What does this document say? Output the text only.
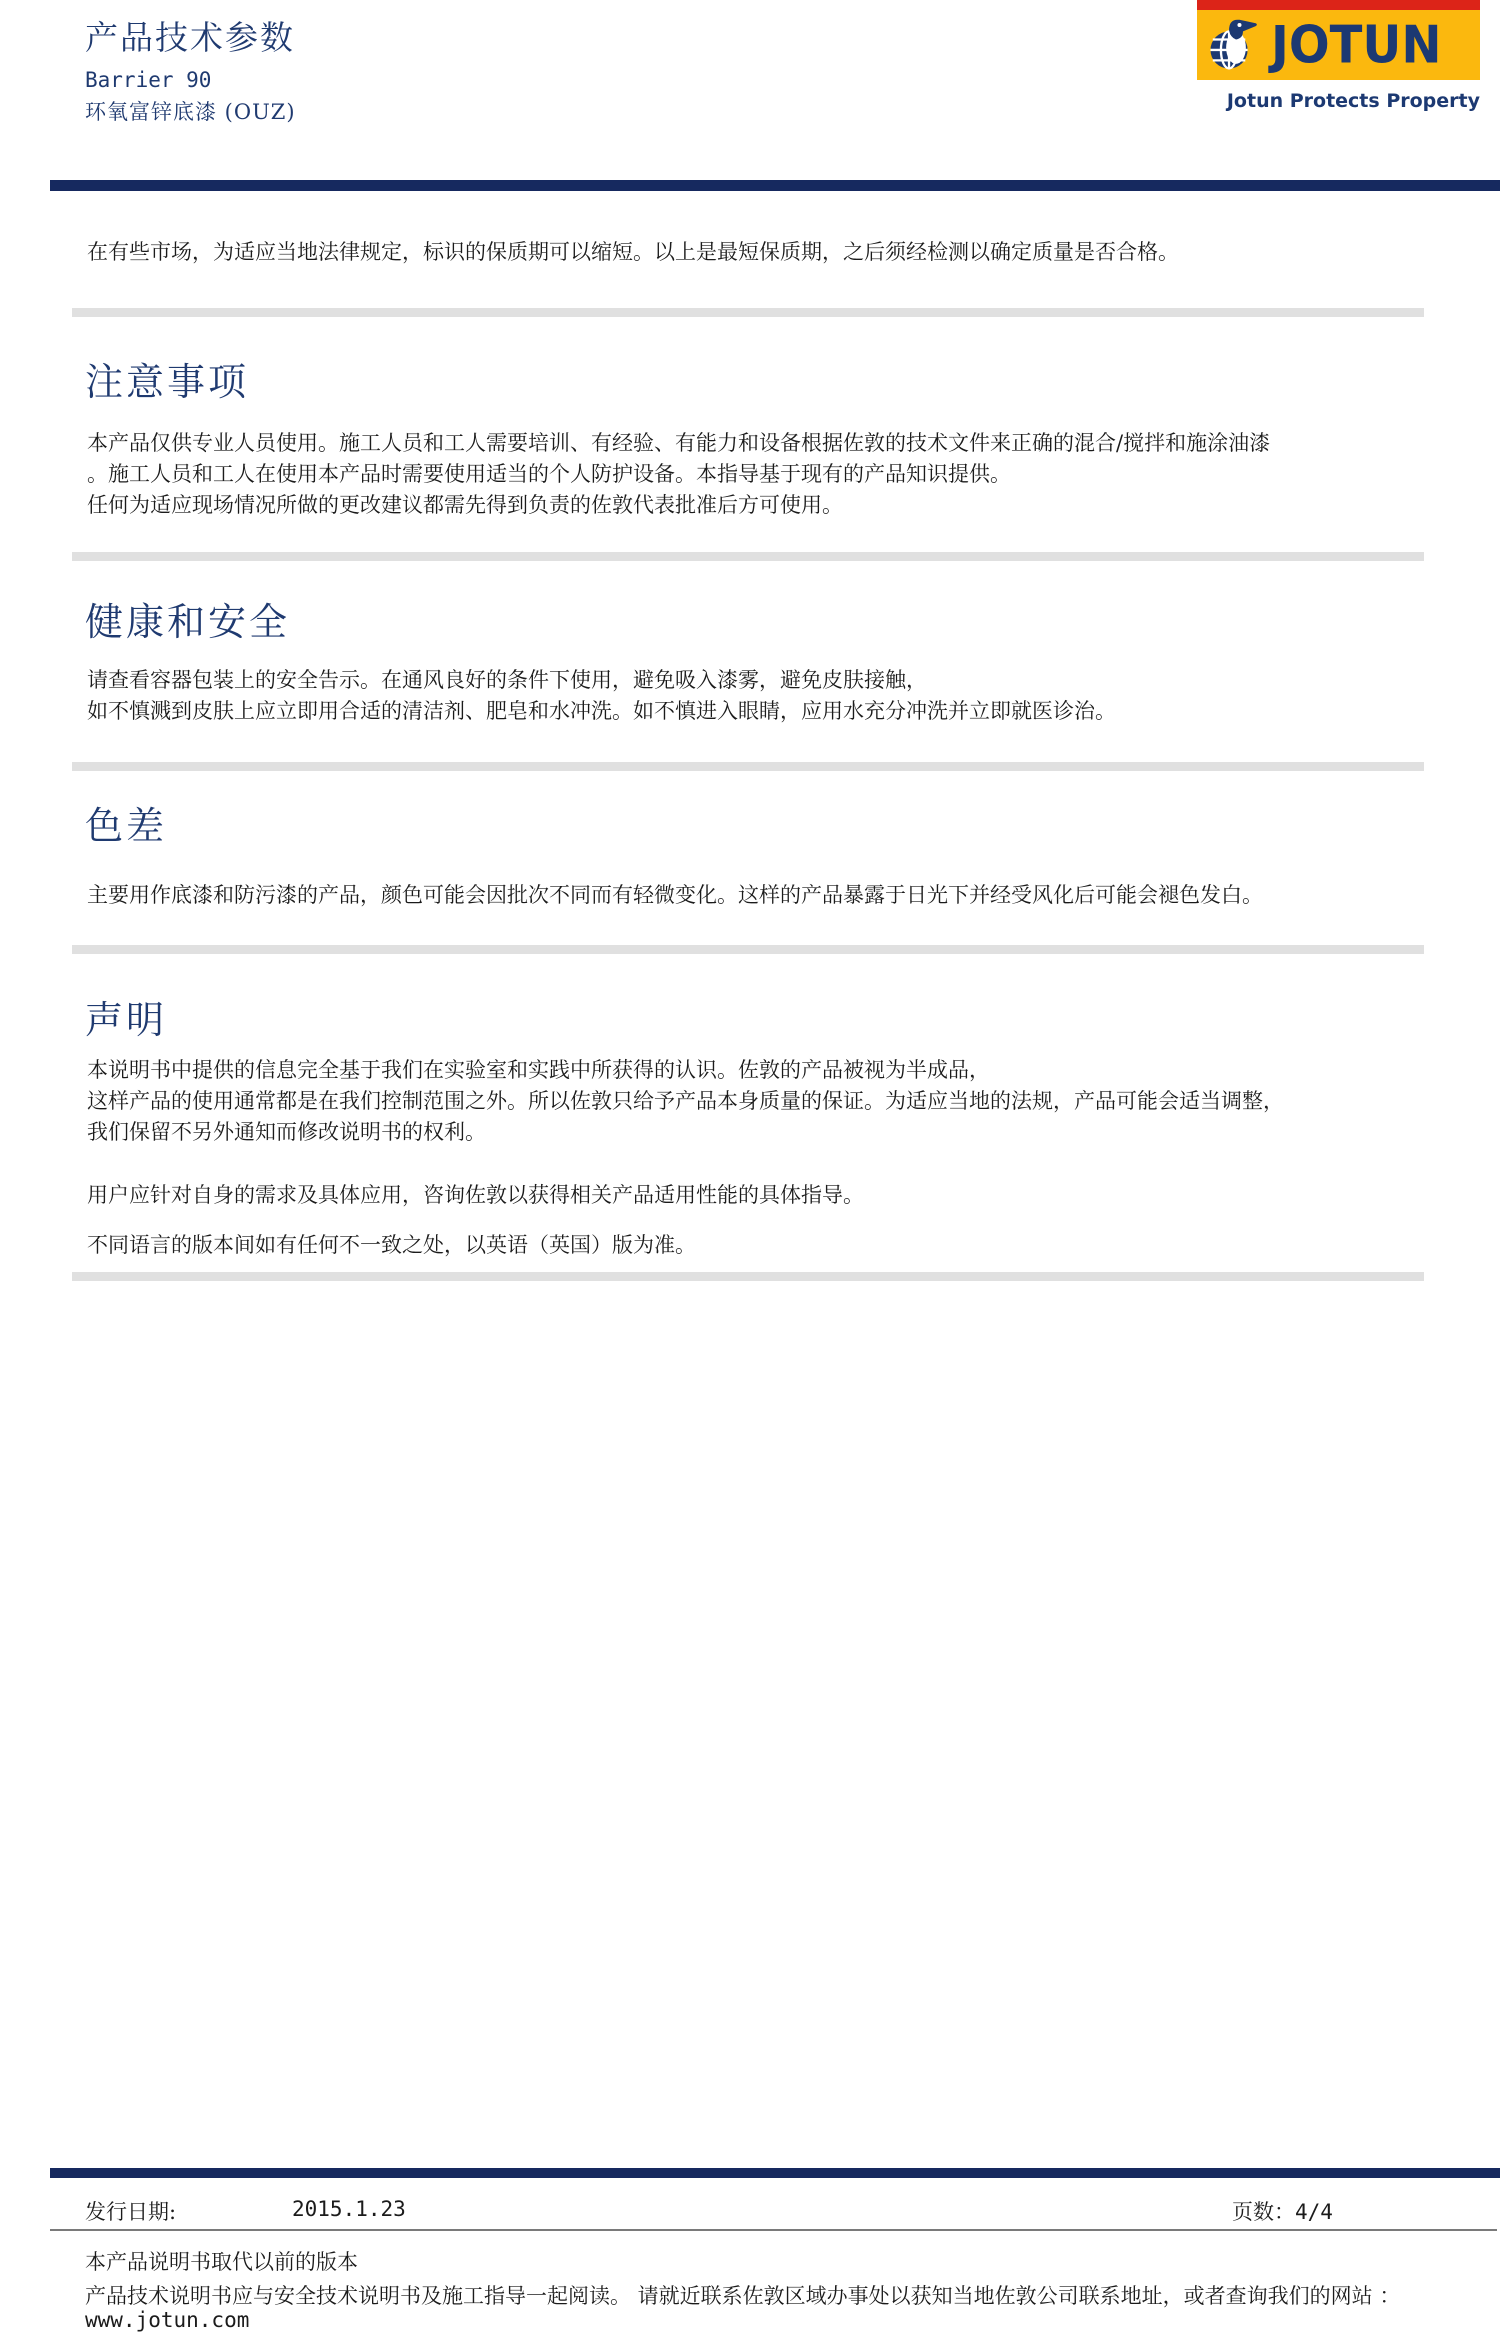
产品技术参数
Barrier 90
环氧富锌底漆 (OUZ)
JOTUN
Jotun Protects Property
在有些市场，为适应当地法律规定，标识的保质期可以缩短。以上是最短保质期，之后须经检测以确定质量是否合格。
注意事项
本产品仅供专业人员使用。施工人员和工人需要培训、有经验、有能力和设备根据佐敦的技术文件来正确的混合/搅拌和施涂油漆
。施工人员和工人在使用本产品时需要使用适当的个人防护设备。本指导基于现有的产品知识提供。
任何为适应现场情况所做的更改建议都需先得到负责的佐敦代表批准后方可使用。
健康和安全
请查看容器包装上的安全告示。在通风良好的条件下使用，避免吸入漆雾，避免皮肤接触，
如不慎溅到皮肤上应立即用合适的清洁剂、肥皂和水冲洗。如不慎进入眼睛，应用水充分冲洗并立即就医诊治。
色差
主要用作底漆和防污漆的产品，颜色可能会因批次不同而有轻微变化。这样的产品暴露于日光下并经受风化后可能会褪色发白。
声明
本说明书中提供的信息完全基于我们在实验室和实践中所获得的认识。佐敦的产品被视为半成品，
这样产品的使用通常都是在我们控制范围之外。所以佐敦只给予产品本身质量的保证。为适应当地的法规，产品可能会适当调整，
我们保留不另外通知而修改说明书的权利。
用户应针对自身的需求及具体应用，咨询佐敦以获得相关产品适用性能的具体指导。
不同语言的版本间如有任何不一致之处，以英语（英国）版为准。
发行日期:	2015.1.23	页数：4/4
本产品说明书取代以前的版本
产品技术说明书应与安全技术说明书及施工指导一起阅读。 请就近联系佐敦区域办事处以获知当地佐敦公司联系地址，或者查询我们的网站 ：
www.jotun.com
